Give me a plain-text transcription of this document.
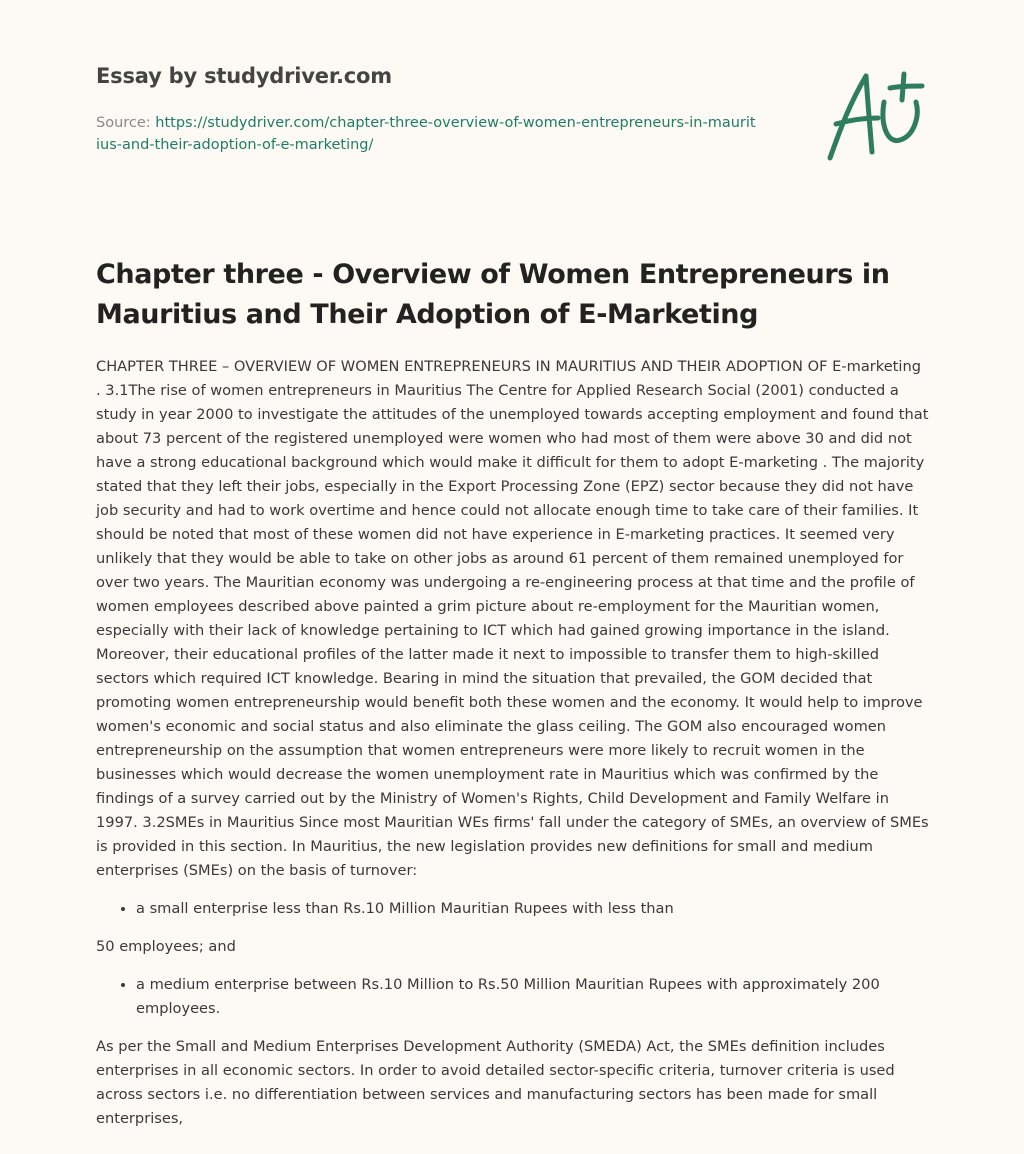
Essay by studydriver.com
Source: https://studydriver.com/chapter-three-overview-of-women-entrepreneurs-in-mauritius-and-their-adoption-of-e-marketing/
A+
Chapter three - Overview of Women Entrepreneurs in Mauritius and Their Adoption of E-Marketing

CHAPTER THREE – OVERVIEW OF WOMEN ENTREPRENEURS IN MAURITIUS AND THEIR ADOPTION OF E-marketing . 3.1The rise of women entrepreneurs in Mauritius The Centre for Applied Research Social (2001) conducted a study in year 2000 to investigate the attitudes of the unemployed towards accepting employment and found that about 73 percent of the registered unemployed were women who had most of them were above 30 and did not have a strong educational background which would make it difficult for them to adopt E-marketing . The majority stated that they left their jobs, especially in the Export Processing Zone (EPZ) sector because they did not have job security and had to work overtime and hence could not allocate enough time to take care of their families. It should be noted that most of these women did not have experience in E-marketing practices. It seemed very unlikely that they would be able to take on other jobs as around 61 percent of them remained unemployed for over two years. The Mauritian economy was undergoing a re-engineering process at that time and the profile of women employees described above painted a grim picture about re-employment for the Mauritian women, especially with their lack of knowledge pertaining to ICT which had gained growing importance in the island. Moreover, their educational profiles of the latter made it next to impossible to transfer them to high-skilled sectors which required ICT knowledge. Bearing in mind the situation that prevailed, the GOM decided that promoting women entrepreneurship would benefit both these women and the economy. It would help to improve women's economic and social status and also eliminate the glass ceiling. The GOM also encouraged women entrepreneurship on the assumption that women entrepreneurs were more likely to recruit women in the businesses which would decrease the women unemployment rate in Mauritius which was confirmed by the findings of a survey carried out by the Ministry of Women's Rights, Child Development and Family Welfare in 1997. 3.2SMEs in Mauritius Since most Mauritian WEs firms' fall under the category of SMEs, an overview of SMEs is provided in this section. In Mauritius, the new legislation provides new definitions for small and medium enterprises (SMEs) on the basis of turnover:

• a small enterprise less than Rs.10 Million Mauritian Rupees with less than

50 employees; and

• a medium enterprise between Rs.10 Million to Rs.50 Million Mauritian Rupees with approximately 200 employees.

As per the Small and Medium Enterprises Development Authority (SMEDA) Act, the SMEs definition includes enterprises in all economic sectors. In order to avoid detailed sector-specific criteria, turnover criteria is used across sectors i.e. no differentiation between services and manufacturing sectors has been made for small enterprises,
